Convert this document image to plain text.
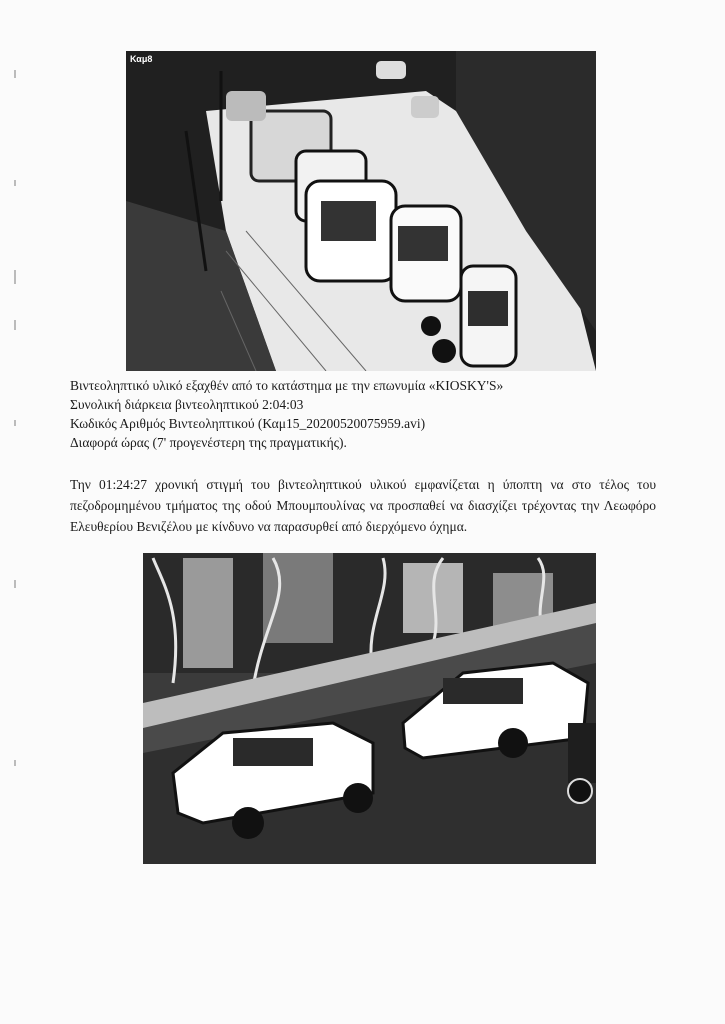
Καμ8
Βιντεοληπτικό υλικό εξαχθέν από το κατάστημα με την επωνυμία «KIOSKY'S»
Συνολική διάρκεια βιντεοληπτικού 2:04:03
Κωδικός Αριθμός Βιντεοληπτικού (Καμ15_20200520075959.avi)
Διαφορά ώρας (7' προγενέστερη της πραγματικής).
Την 01:24:27 χρονική στιγμή του βιντεοληπτικού υλικού εμφανίζεται η ύποπτη να στο τέλος του πεζοδρομημένου τμήματος της οδού Μπουμπουλίνας να προσπαθεί να διασχίζει τρέχοντας την Λεωφόρο Ελευθερίου Βενιζέλου με κίνδυνο να παρασυρθεί από διερχόμενο όχημα.
